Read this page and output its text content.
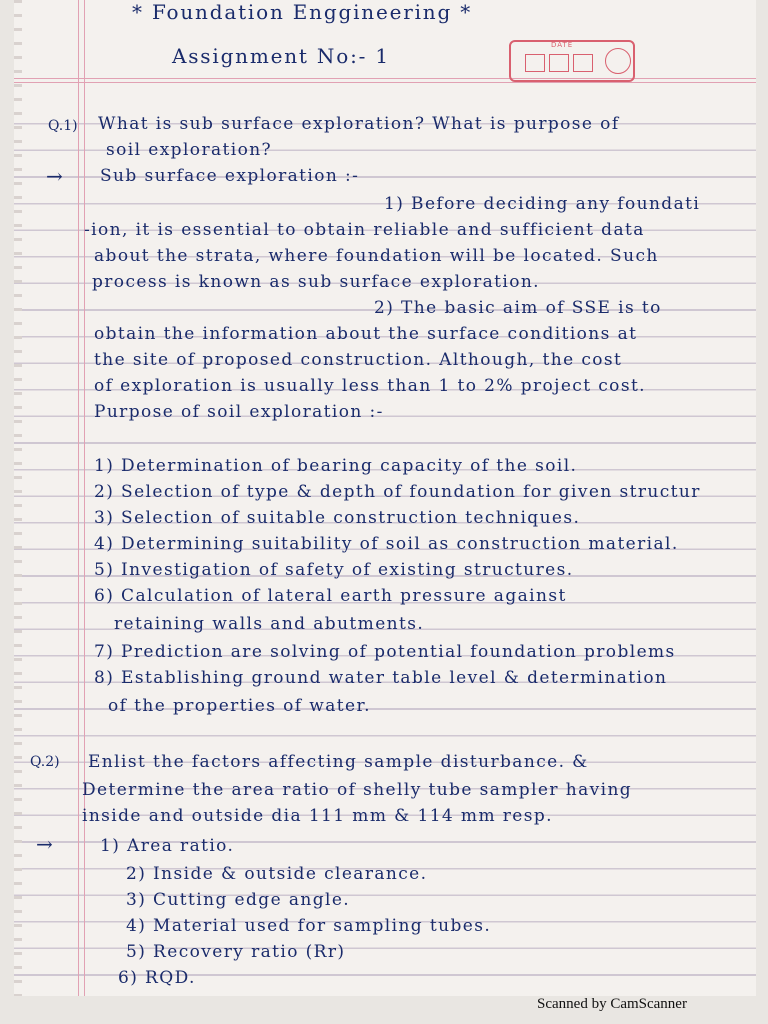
* Foundation Enggineering *
Assignment No:- 1	DATE
Q.1) What is sub surface exploration? What is purpose of
soil exploration?
→ Sub surface exploration :-
1) Before deciding any foundati
-ion, it is essential to obtain reliable and sufficient data
about the strata, where foundation will be located. Such
process is known as sub surface exploration.
2) The basic aim of SSE is to
obtain the information about the surface conditions at
the site of proposed construction. Although, the cost
of exploration is usually less than 1 to 2% project cost.
Purpose of soil exploration :-
1) Determination of bearing capacity of the soil.
2) Selection of type & depth of foundation for given structur
3) Selection of suitable construction techniques.
4) Determining suitability of soil as construction material.
5) Investigation of safety of existing structures.
6) Calculation of lateral earth pressure against
retaining walls and abutments.
7) Prediction are solving of potential foundation problems
8) Establishing ground water table level & determination
of the properties of water.
Q.2) Enlist the factors affecting sample disturbance. &
Determine the area ratio of shelly tube sampler having
inside and outside dia 111 mm & 114 mm resp.
→	1) Area ratio.
2) Inside & outside clearance.
3) Cutting edge angle.
4) Material used for sampling tubes.
5) Recovery ratio (Rr)
6) RQD.
Scanned by CamScanner
